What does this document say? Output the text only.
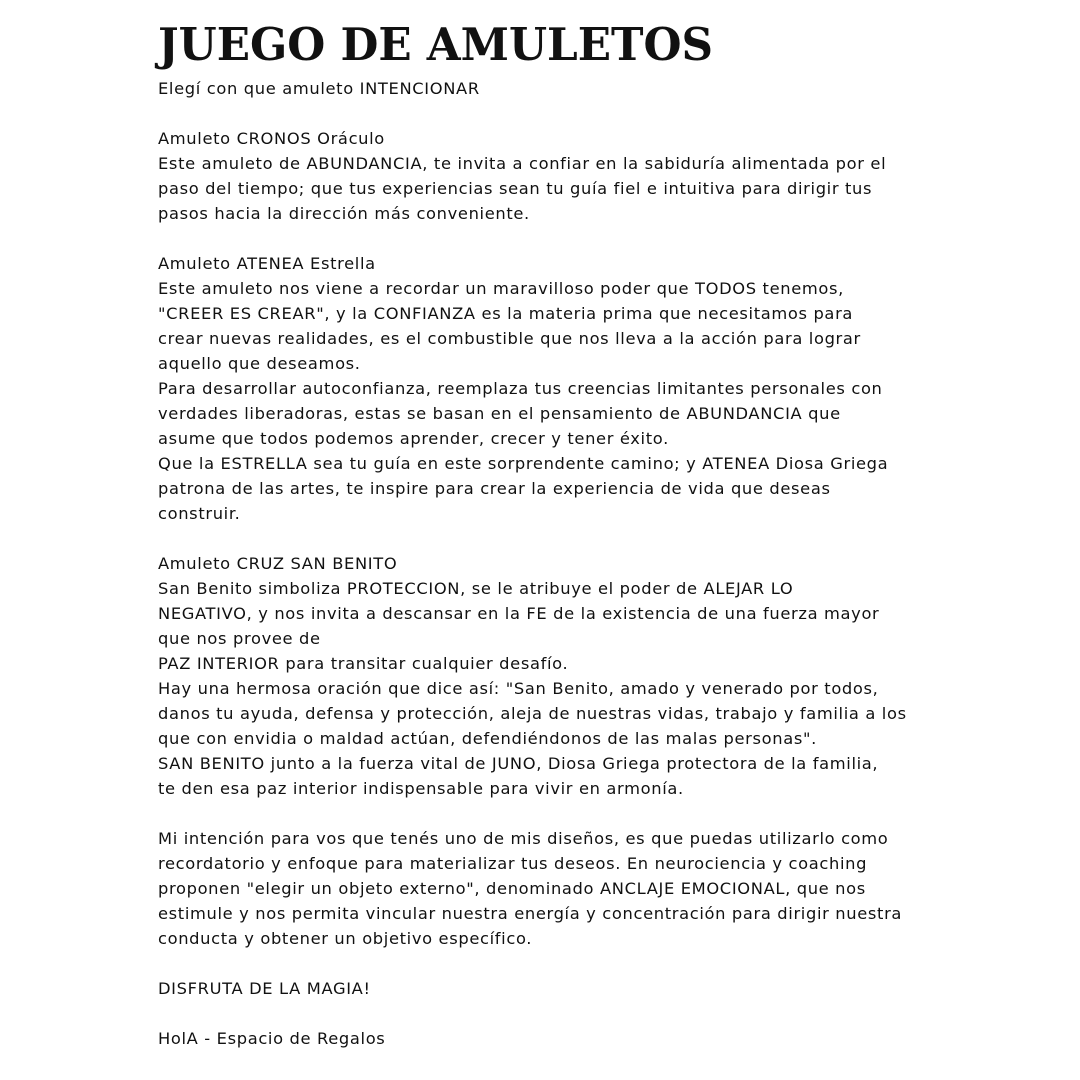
JUEGO DE AMULETOS
Elegí con que amuleto INTENCIONAR
Amuleto CRONOS Oráculo
Este amuleto de ABUNDANCIA, te invita a confiar en la sabiduría alimentada por el
paso del tiempo; que tus experiencias sean tu guía fiel e intuitiva para dirigir tus
pasos hacia la dirección más conveniente.
Amuleto ATENEA Estrella
Este amuleto nos viene a recordar un maravilloso poder que TODOS tenemos,
"CREER ES CREAR", y la CONFIANZA es la materia prima que necesitamos para
crear nuevas realidades, es el combustible que nos lleva a la acción para lograr
aquello que deseamos.
Para desarrollar autoconfianza, reemplaza tus creencias limitantes personales con
verdades liberadoras, estas se basan en el pensamiento de ABUNDANCIA que
asume que todos podemos aprender, crecer y tener éxito.
Que la ESTRELLA sea tu guía en este sorprendente camino; y ATENEA Diosa Griega
patrona de las artes, te inspire para crear la experiencia de vida que deseas
construir.
Amuleto CRUZ SAN BENITO
San Benito simboliza PROTECCION, se le atribuye el poder de ALEJAR LO
NEGATIVO, y nos invita a descansar en la FE de la existencia de una fuerza mayor
que nos provee de
PAZ INTERIOR para transitar cualquier desafío.
Hay una hermosa oración que dice así: "San Benito, amado y venerado por todos,
danos tu ayuda, defensa y protección, aleja de nuestras vidas, trabajo y familia a los
que con envidia o maldad actúan, defendiéndonos de las malas personas".
SAN BENITO junto a la fuerza vital de JUNO, Diosa Griega protectora de la familia,
te den esa paz interior indispensable para vivir en armonía.
Mi intención para vos que tenés uno de mis diseños, es que puedas utilizarlo como
recordatorio y enfoque para materializar tus deseos. En neurociencia y coaching
proponen "elegir un objeto externo", denominado ANCLAJE EMOCIONAL, que nos
estimule y nos permita vincular nuestra energía y concentración para dirigir nuestra
conducta y obtener un objetivo específico.
DISFRUTA DE LA MAGIA!
HolA - Espacio de Regalos
